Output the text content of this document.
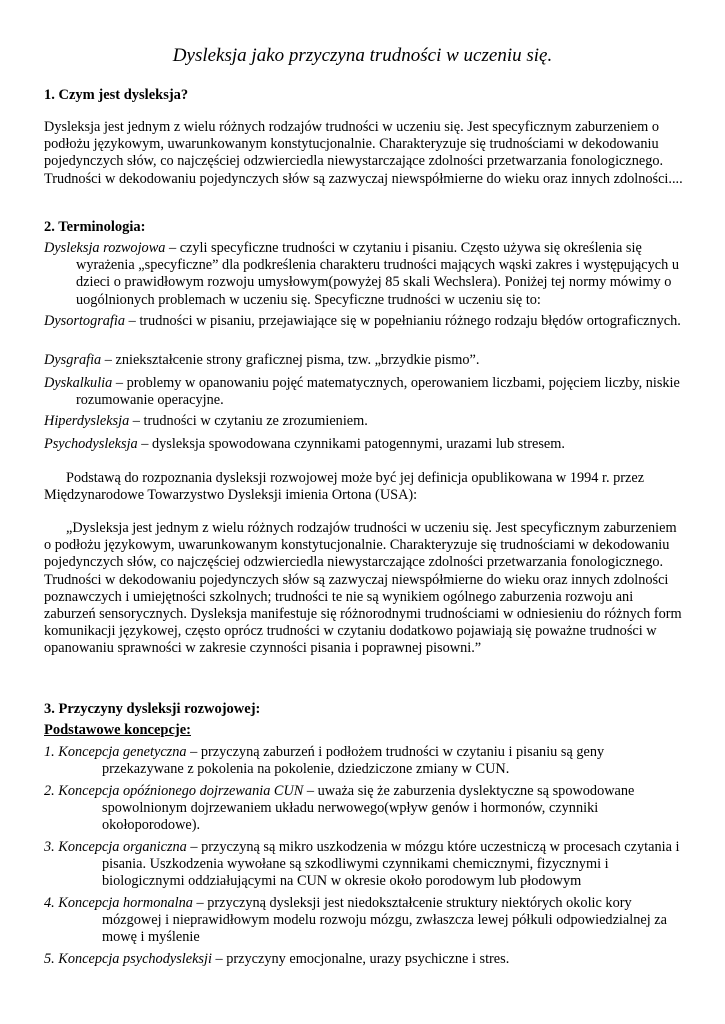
Dysleksja jako przyczyna trudności w uczeniu się.
1. Czym jest dysleksja?

Dysleksja jest jednym z wielu różnych rodzajów trudności w uczeniu się. Jest specyficznym zaburzeniem o podłożu językowym, uwarunkowanym konstytucjonalnie. Charakteryzuje się trudnościami w dekodowaniu pojedynczych słów, co najczęściej odzwierciedla niewystarczające zdolności przetwarzania fonologicznego. Trudności w dekodowaniu pojedynczych słów są zazwyczaj niewspółmierne do wieku oraz innych zdolności....

2. Terminologia:

Dysleksja rozwojowa – czyli specyficzne trudności w czytaniu i pisaniu. Często używa się określenia się wyrażenia „specyficzne” dla podkreślenia charakteru trudności mających wąski zakres i występujących u dzieci o prawidłowym rozwoju umysłowym(powyżej 85 skali Wechslera). Poniżej tej normy mówimy o uogólnionych problemach w uczeniu się. Specyficzne trudności w uczeniu się to:

Dysortografia – trudności w pisaniu, przejawiające się w popełnianiu różnego rodzaju błędów ortograficznych.

Dysgrafia – zniekształcenie strony graficznej pisma, tzw. „brzydkie pismo”.

Dyskalkulia – problemy w opanowaniu pojęć matematycznych, operowaniem liczbami, pojęciem liczby, niskie rozumowanie operacyjne.

Hiperdysleksja – trudności w czytaniu ze zrozumieniem.

Psychodysleksja – dysleksja spowodowana czynnikami patogennymi, urazami lub stresem.

Podstawą do rozpoznania dysleksji rozwojowej może być jej definicja opublikowana w 1994 r. przez Międzynarodowe Towarzystwo Dysleksji imienia Ortona (USA):

„Dysleksja jest jednym z wielu różnych rodzajów trudności w uczeniu się. Jest specyficznym zaburzeniem o podłożu językowym, uwarunkowanym konstytucjonalnie. Charakteryzuje się trudnościami w dekodowaniu pojedynczych słów, co najczęściej odzwierciedla niewystarczające zdolności przetwarzania fonologicznego. Trudności w dekodowaniu pojedynczych słów są zazwyczaj niewspółmierne do wieku oraz innych zdolności poznawczych i umiejętności szkolnych; trudności te nie są wynikiem ogólnego zaburzenia rozwoju ani zaburzeń sensorycznych. Dysleksja manifestuje się różnorodnymi trudnościami w odniesieniu do różnych form komunikacji językowej, często oprócz trudności w czytaniu dodatkowo pojawiają się poważne trudności w opanowaniu sprawności w zakresie czynności pisania i poprawnej pisowni.”

3. Przyczyny dysleksji rozwojowej:
Podstawowe koncepcje:

1. Koncepcja genetyczna – przyczyną zaburzeń i podłożem trudności w czytaniu i pisaniu są geny przekazywane z pokolenia na pokolenie, dziedziczone zmiany w CUN.

2. Koncepcja opóźnionego dojrzewania CUN – uważa się że zaburzenia dyslektyczne są spowodowane spowolnionym dojrzewaniem układu nerwowego(wpływ genów i hormonów, czynniki okołoporodowe).

3. Koncepcja organiczna – przyczyną są mikro uszkodzenia w mózgu które uczestniczą w procesach czytania i pisania. Uszkodzenia wywołane są szkodliwymi czynnikami chemicznymi, fizycznymi i biologicznymi oddziałującymi na CUN w okresie około porodowym lub płodowym

4. Koncepcja hormonalna – przyczyną dysleksji jest niedokształcenie struktury niektórych okolic kory mózgowej i nieprawidłowym modelu rozwoju mózgu, zwłaszcza lewej półkuli odpowiedzialnej za mowę i myślenie

5. Koncepcja psychodysleksji – przyczyny emocjonalne, urazy psychiczne i stres.
